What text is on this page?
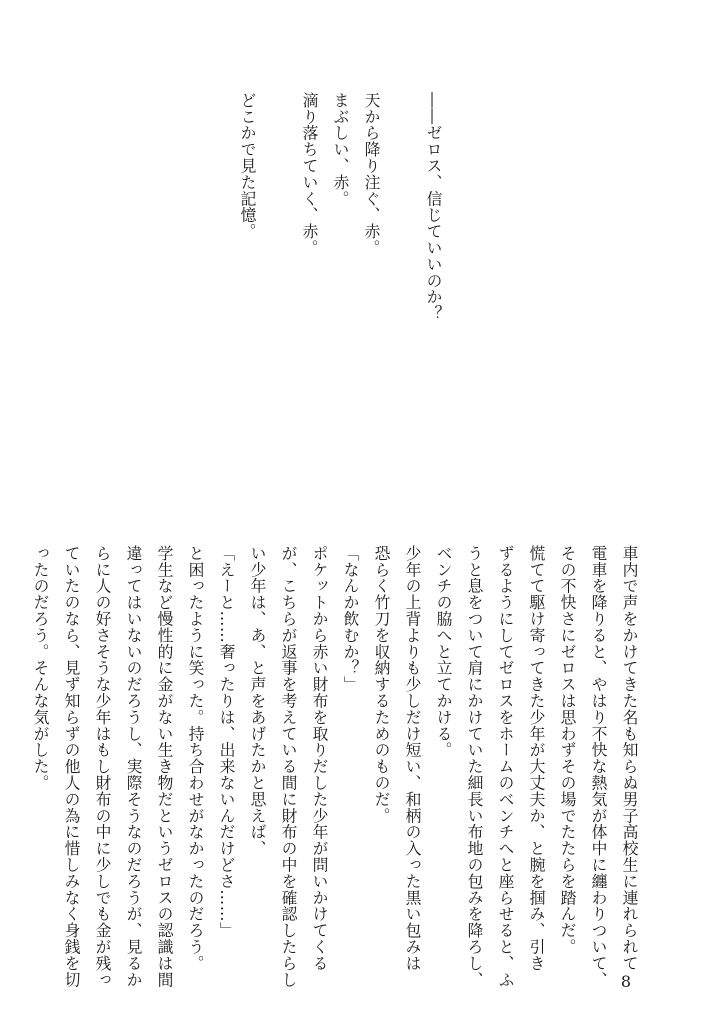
――ゼロス、信じていいのか？
天から降り注ぐ、赤。
まぶしい、赤。
滴り落ちていく、赤。
どこかで見た記憶。
車内で声をかけてきた名も知らぬ男子高校生に連れられて
電車を降りると、やはり不快な熱気が体中に纏わりついて、
その不快さにゼロスは思わずその場でたたらを踏んだ。
慌てて駆け寄ってきた少年が大丈夫か、と腕を掴み、引き
ずるようにしてゼロスをホームのベンチへと座らせると、ふ
うと息をついて肩にかけていた細長い布地の包みを降ろし、
ベンチの脇へと立てかける。
少年の上背よりも少しだけ短い、和柄の入った黒い包みは
恐らく竹刀を収納するためのものだ。
「なんか飲むか？」
ポケットから赤い財布を取りだした少年が問いかけてくる
が、こちらが返事を考えている間に財布の中を確認したらし
い少年は、あ、と声をあげたかと思えば、
「えーと……奢ったりは、出来ないんだけどさ……」
と困ったように笑った。持ち合わせがなかったのだろう。
学生など慢性的に金がない生き物だというゼロスの認識は間
違ってはいないのだろうし、実際そうなのだろうが、見るか
らに人の好さそうな少年はもし財布の中に少しでも金が残っ
ていたのなら、見ず知らずの他人の為に惜しみなく身銭を切
ったのだろう。そんな気がした。
8
